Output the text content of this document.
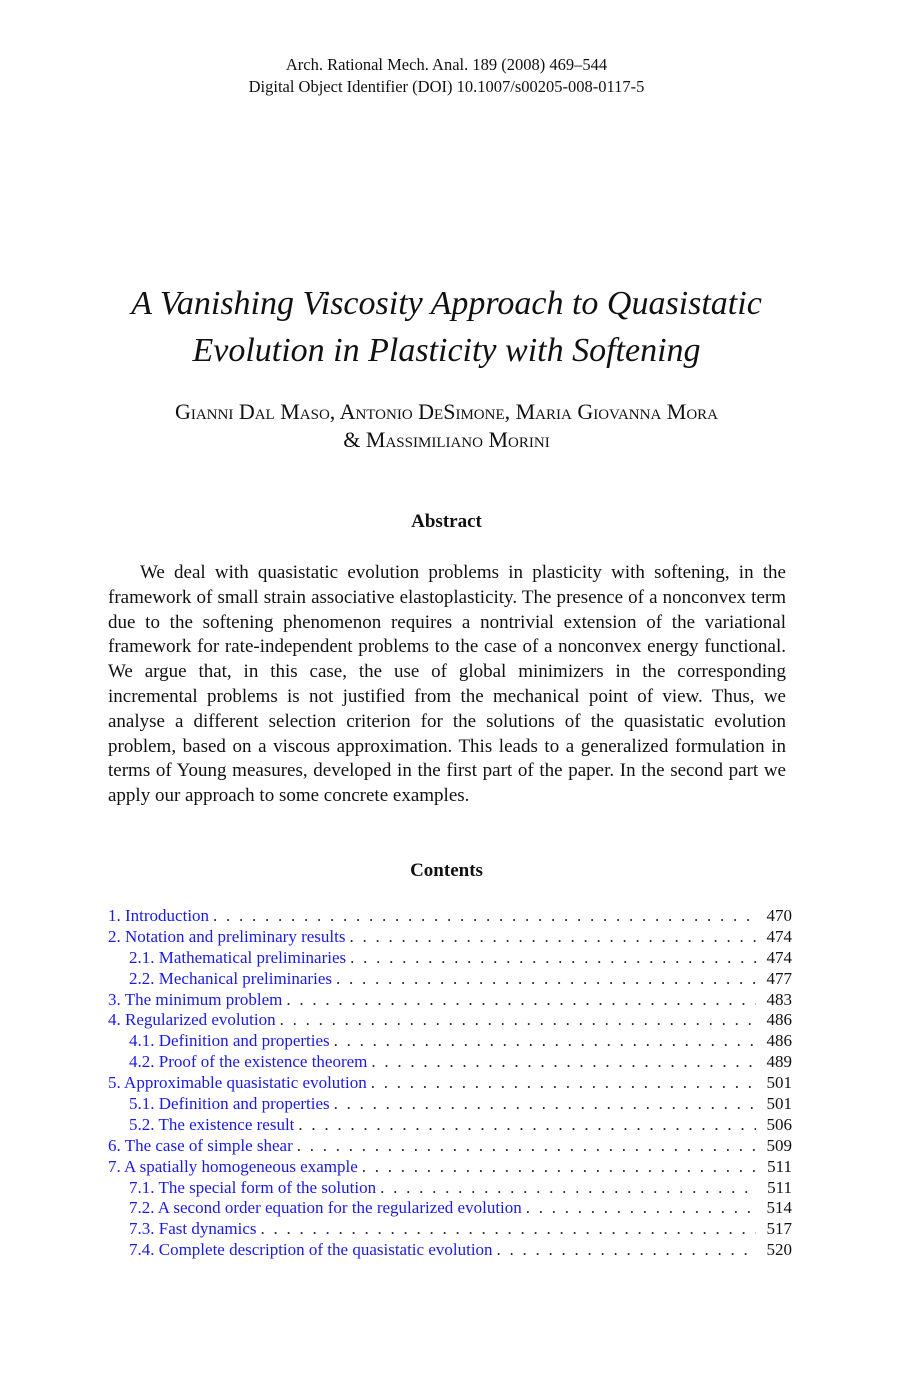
Arch. Rational Mech. Anal. 189 (2008) 469–544
Digital Object Identifier (DOI) 10.1007/s00205-008-0117-5
A Vanishing Viscosity Approach to Quasistatic
Evolution in Plasticity with Softening
Gianni Dal Maso, Antonio DeSimone, Maria Giovanna Mora
& Massimiliano Morini
Abstract

We deal with quasistatic evolution problems in plasticity with softening, in the framework of small strain associative elastoplasticity. The presence of a nonconvex term due to the softening phenomenon requires a nontrivial extension of the variational framework for rate-independent problems to the case of a nonconvex energy functional. We argue that, in this case, the use of global minimizers in the corresponding incremental problems is not justified from the mechanical point of view. Thus, we analyse a different selection criterion for the solutions of the quasistatic evolution problem, based on a viscous approximation. This leads to a generalized formulation in terms of Young measures, developed in the first part of the paper. In the second part we apply our approach to some concrete examples.

Contents
1. Introduction . . .	470
2. Notation and preliminary results . . .	474
2.1. Mathematical preliminaries . . .	474
2.2. Mechanical preliminaries . . .	477
3. The minimum problem . . .	483
4. Regularized evolution . . .	486
4.1. Definition and properties . . .	486
4.2. Proof of the existence theorem . . .	489
5. Approximable quasistatic evolution . . .	501
5.1. Definition and properties . . .	501
5.2. The existence result . . .	506
6. The case of simple shear . . .	509
7. A spatially homogeneous example . . .	511
7.1. The special form of the solution . . .	511
7.2. A second order equation for the regularized evolution . . .	514
7.3. Fast dynamics . . .	517
7.4. Complete description of the quasistatic evolution . . .	520
